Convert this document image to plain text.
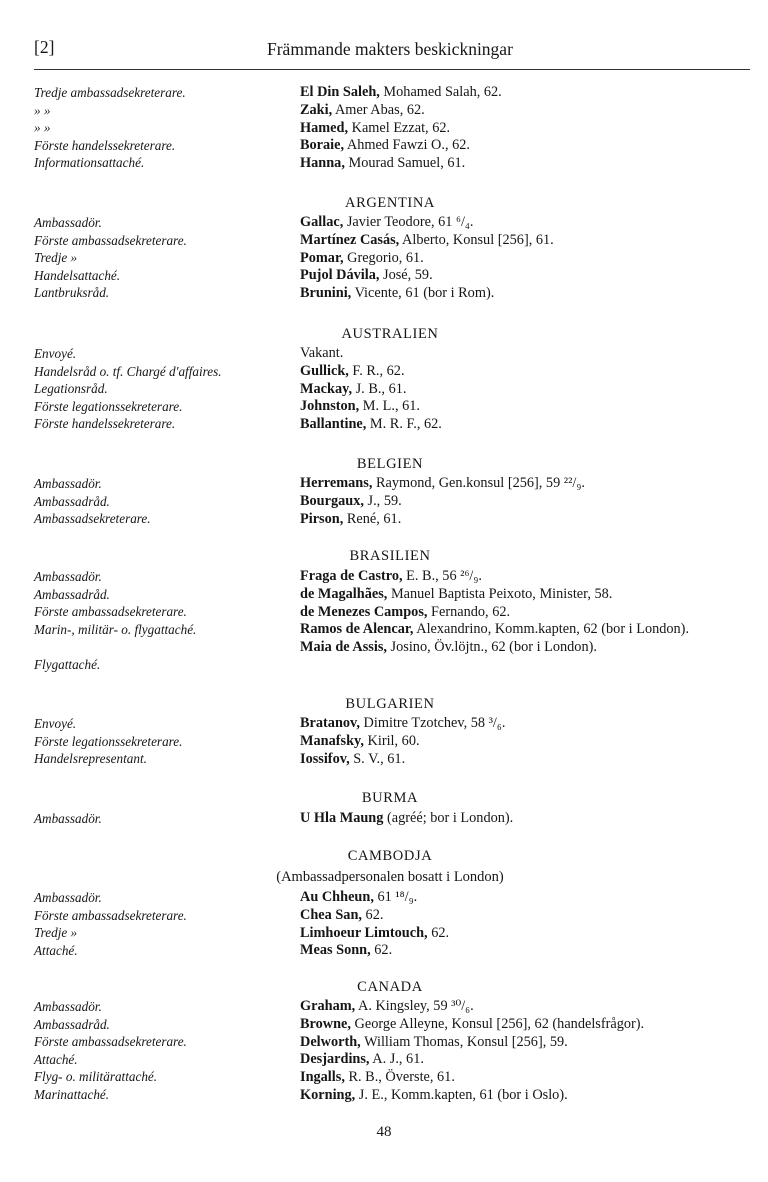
[2]	Främmande makters beskickningar
Tredje ambassadsekreterare.
» »
» »
Förste handelssekreterare.
Informationsattaché.
El Din Saleh, Mohamed Salah, 62.
Zaki, Amer Abas, 62.
Hamed, Kamel Ezzat, 62.
Boraie, Ahmed Fawzi O., 62.
Hanna, Mourad Samuel, 61.
ARGENTINA
Ambassadör.
Förste ambassadsekreterare.
Tredje »
Handelsattaché.
Lantbruksråd.
Gallac, Javier Teodore, 61 ⁶/₄.
Martínez Casás, Alberto, Konsul [256], 61.
Pomar, Gregorio, 61.
Pujol Dávila, José, 59.
Brunini, Vicente, 61 (bor i Rom).
AUSTRALIEN
Envoyé.
Handelsråd o. tf. Chargé d'affaires.
Legationsråd.
Förste legationssekreterare.
Förste handelssekreterare.
Vakant.
Gullick, F. R., 62.
Mackay, J. B., 61.
Johnston, M. L., 61.
Ballantine, M. R. F., 62.
BELGIEN
Ambassadör.
Ambassadråd.
Ambassadsekreterare.
Herremans, Raymond, Gen.konsul [256], 59 ²²/₉.
Bourgaux, J., 59.
Pirson, René, 61.
BRASILIEN
Ambassadör.
Ambassadråd.
Förste ambassadsekreterare.
Marin-, militär- o. flygattaché.
Flygattaché.
Fraga de Castro, E. B., 56 ²⁶/₉.
de Magalhães, Manuel Baptista Peixoto, Minister, 58.
de Menezes Campos, Fernando, 62.
Ramos de Alencar, Alexandrino, Komm.kapten, 62 (bor i London).
Maia de Assis, Josino, Öv.löjtn., 62 (bor i London).
BULGARIEN
Envoyé.
Förste legationssekreterare.
Handelsrepresentant.
Bratanov, Dimitre Tzotchev, 58 ³/₆.
Manafsky, Kiril, 60.
Iossifov, S. V., 61.
BURMA
Ambassadör.	U Hla Maung (agréé; bor i London).
CAMBODJA
(Ambassadpersonalen bosatt i London)
Ambassadör.
Förste ambassadsekreterare.
Tredje »
Attaché.
Au Chheun, 61 ¹⁸/₉.
Chea San, 62.
Limhoeur Limtouch, 62.
Meas Sonn, 62.
CANADA
Ambassadör.
Ambassadråd.
Förste ambassadsekreterare.
Attaché.
Flyg- o. militärattaché.
Marinattaché.
Graham, A. Kingsley, 59 ³⁰/₆.
Browne, George Alleyne, Konsul [256], 62 (handelsfrågor).
Delworth, William Thomas, Konsul [256], 59.
Desjardins, A. J., 61.
Ingalls, R. B., Överste, 61.
Korning, J. E., Komm.kapten, 61 (bor i Oslo).
48
